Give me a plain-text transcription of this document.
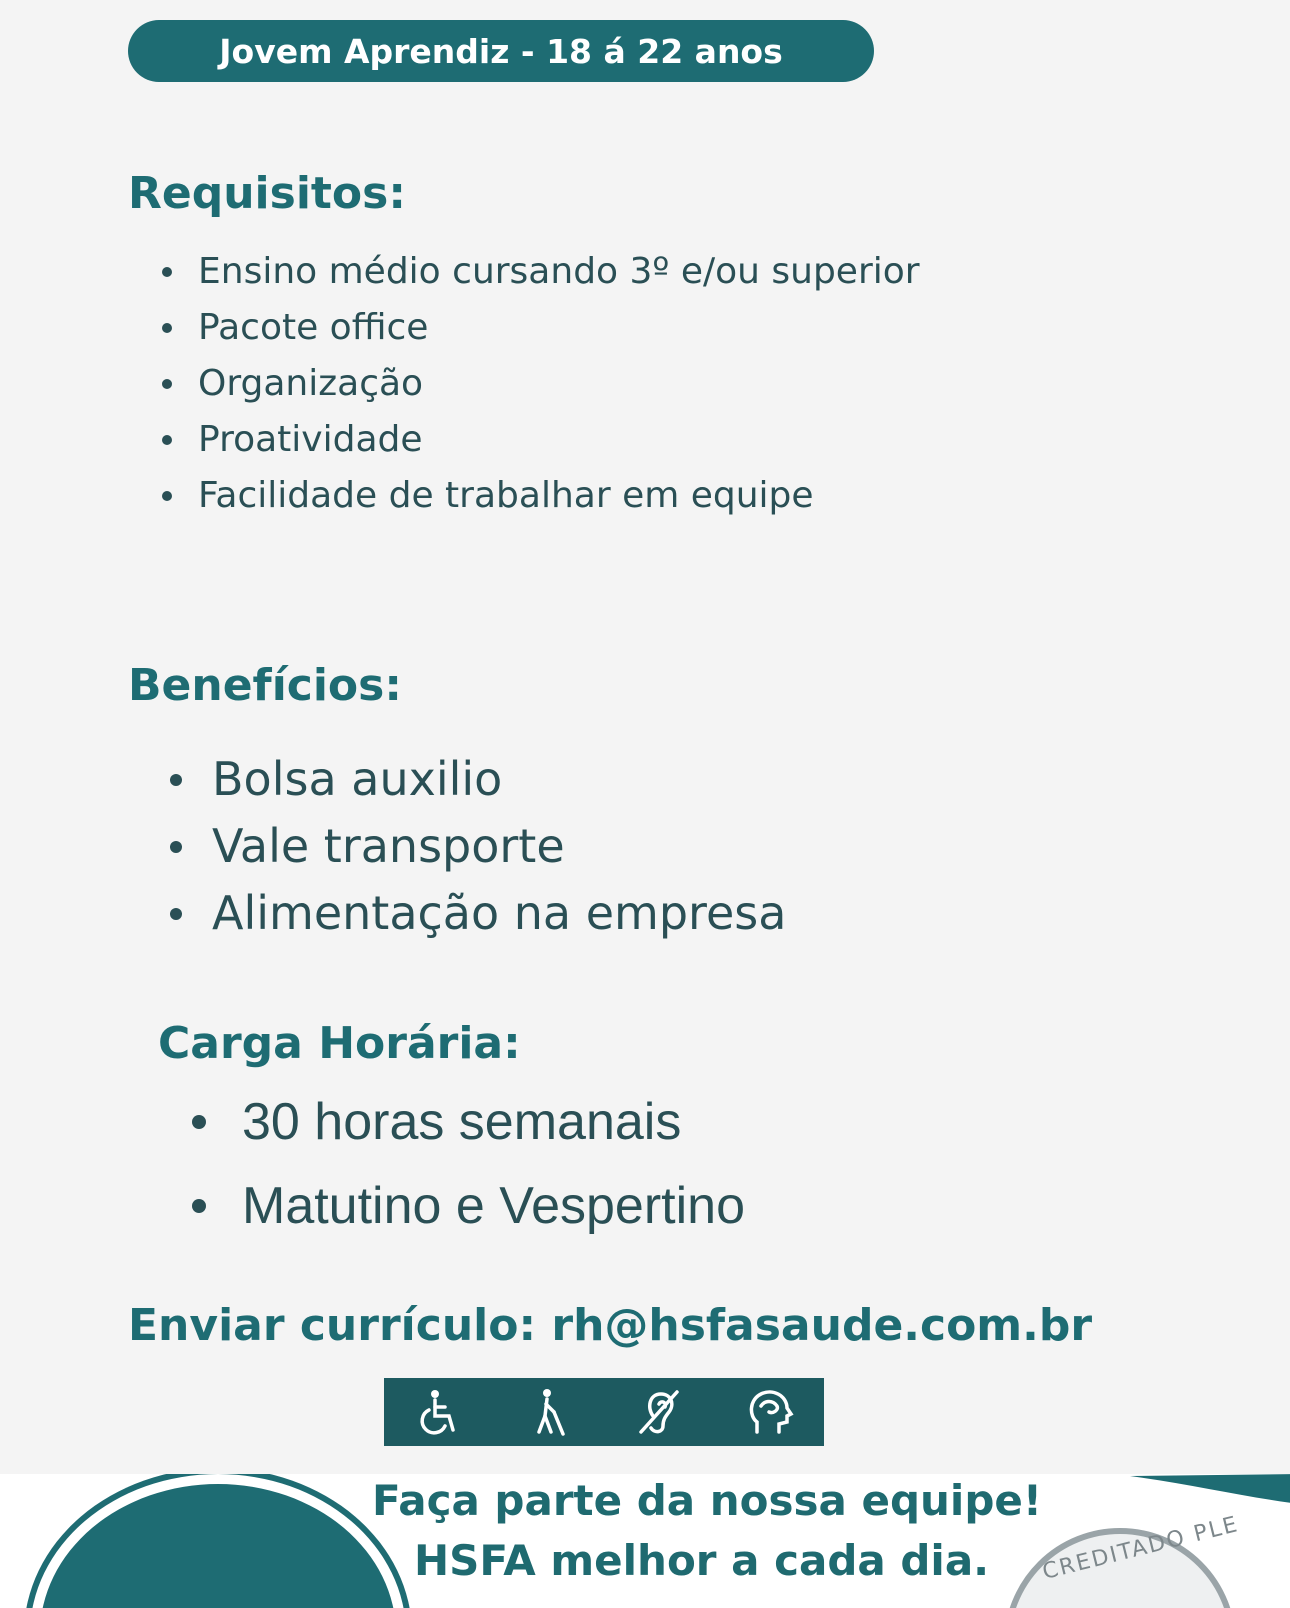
Jovem Aprendiz - 18 á 22 anos
Requisitos:
Ensino médio cursando 3º e/ou superior
Pacote office
Organização
Proatividade
Facilidade de trabalhar em equipe
Benefícios:
Bolsa auxilio
Vale transporte
Alimentação na empresa
Carga Horária:
30 horas semanais
Matutino e Vespertino
Enviar currículo: rh@hsfasaude.com.br
Faça parte da nossa equipe!
HSFA melhor a cada dia. CREDITADO PLE
